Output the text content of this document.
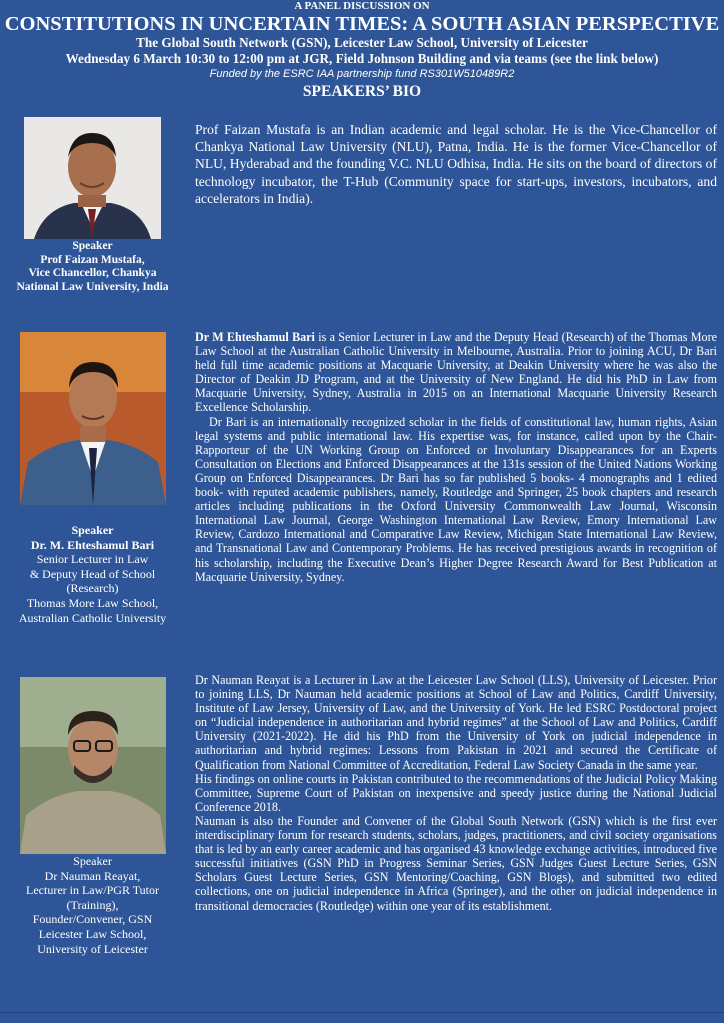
A PANEL DISCUSSION ON
CONSTITUTIONS IN UNCERTAIN TIMES: A SOUTH ASIAN PERSPECTIVE
The Global South Network (GSN), Leicester Law School, University of Leicester
Wednesday 6 March 10:30 to 12:00 pm at JGR, Field Johnson Building and via teams (see the link below)
Funded by the ESRC IAA partnership fund RS301W510489R2
SPEAKERS’ BIO
Speaker
Prof Faizan Mustafa,
Vice Chancellor, Chankya
National Law University, India

Prof Faizan Mustafa is an Indian academic and legal scholar. He is the Vice-Chancellor of Chankya National Law University (NLU), Patna, India. He is the former Vice-Chancellor of NLU, Hyderabad and the founding V.C. NLU Odhisa, India. He sits on the board of directors of technology incubator, the T-Hub (Community space for start-ups, investors, incubators, and accelerators in India).

Speaker
Dr. M. Ehteshamul Bari
Senior Lecturer in Law
& Deputy Head of School
(Research)
Thomas More Law School,
Australian Catholic University

Dr M Ehteshamul Bari is a Senior Lecturer in Law and the Deputy Head (Research) of the Thomas More Law School at the Australian Catholic University in Melbourne, Australia. Prior to joining ACU, Dr Bari held full time academic positions at Macquarie University, at Deakin University where he was also the Director of Deakin JD Program, and at the University of New England. He did his PhD in Law from Macquarie University, Sydney, Australia in 2015 on an International Macquarie University Research Excellence Scholarship.

Dr Bari is an internationally recognized scholar in the fields of constitutional law, human rights, Asian legal systems and public international law. His expertise was, for instance, called upon by the Chair-Rapporteur of the UN Working Group on Enforced or Involuntary Disappearances for an Experts Consultation on Elections and Enforced Disappearances at the 131s session of the United Nations Working Group on Enforced Disappearances. Dr Bari has so far published 5 books- 4 monographs and 1 edited book- with reputed academic publishers, namely, Routledge and Springer, 25 book chapters and research articles including publications in the Oxford University Commonwealth Law Journal, Wisconsin International Law Journal, George Washington International Law Review, Emory International Law Review, Cardozo International and Comparative Law Review, Michigan State International Law Review, and Transnational Law and Contemporary Problems. He has received prestigious awards in recognition of his scholarship, including the Executive Dean’s Higher Degree Research Award for Best Publication at Macquarie University, Sydney.

Speaker
Dr Nauman Reayat,
Lecturer in Law/PGR Tutor
(Training),
Founder/Convener, GSN
Leicester Law School,
University of Leicester

Dr Nauman Reayat is a Lecturer in Law at the Leicester Law School (LLS), University of Leicester. Prior to joining LLS, Dr Nauman held academic positions at School of Law and Politics, Cardiff University, Institute of Law Jersey, University of Law, and the University of York. He led ESRC Postdoctoral project on “Judicial independence in authoritarian and hybrid regimes” at the School of Law and Politics, Cardiff University (2021-2022). He did his PhD from the University of York on judicial independence in authoritarian and hybrid regimes: Lessons from Pakistan in 2021 and secured the Certificate of Qualification from National Committee of Accreditation, Federal Law Society Canada in the same year.

His findings on online courts in Pakistan contributed to the recommendations of the Judicial Policy Making Committee, Supreme Court of Pakistan on inexpensive and speedy justice during the National Judicial Conference 2018.

Nauman is also the Founder and Convener of the Global South Network (GSN) which is the first ever interdisciplinary forum for research students, scholars, judges, practitioners, and civil society organisations that is led by an early career academic and has organised 43 knowledge exchange activities, introduced five successful initiatives (GSN PhD in Progress Seminar Series, GSN Judges Guest Lecture Series, GSN Scholars Guest Lecture Series, GSN Mentoring/Coaching, GSN Blogs), and submitted two edited collections, one on judicial independence in Africa (Springer), and the other on judicial independence in transitional democracies (Routledge) within one year of its establishment.
